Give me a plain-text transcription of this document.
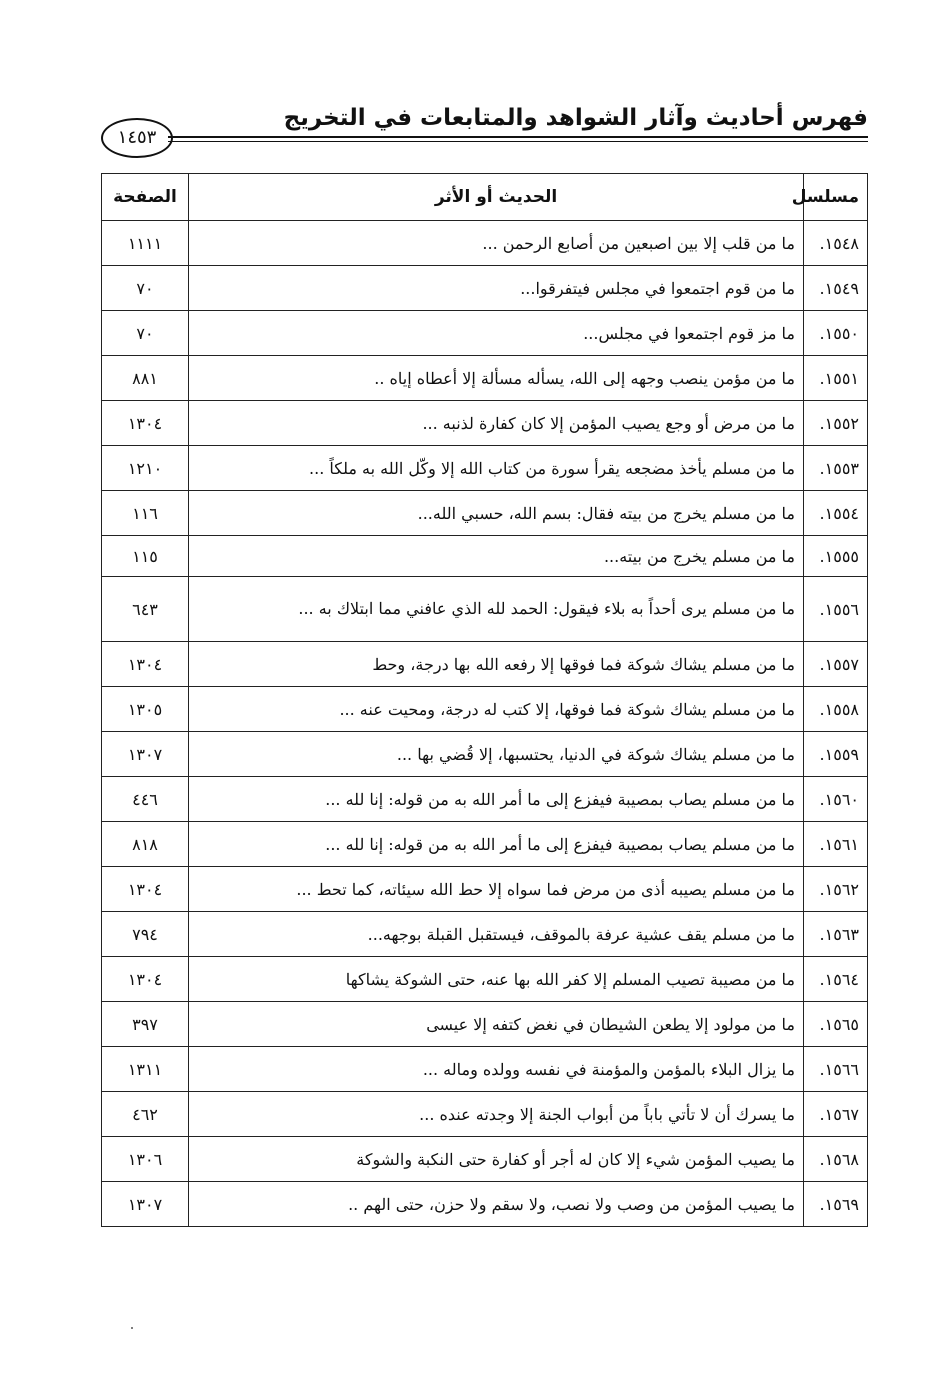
فهرس أحاديث وآثار الشواهد والمتابعات في التخريج
١٤٥٣
مسلسل	الحديث أو الأثر	الصفحة
١٥٤٨.	ما من قلب إلا بين اصبعين من أصابع الرحمن ...	١١١١
١٥٤٩.	ما من قوم اجتمعوا في مجلس فيتفرقوا...	٧٠
١٥٥٠.	ما مز قوم اجتمعوا في مجلس...	٧٠
١٥٥١.	ما من مؤمن ينصب وجهه إلى الله، يسأله مسألة إلا أعطاه إياه ..	٨٨١
١٥٥٢.	ما من مرض أو وجع يصيب المؤمن إلا كان كفارة لذنبه ...	١٣٠٤
١٥٥٣.	ما من مسلم يأخذ مضجعه يقرأ سورة من كتاب الله إلا وكّل الله به ملكاً ...	١٢١٠
١٥٥٤.	ما من مسلم يخرج من بيته فقال: بسم الله، حسبي الله...	١١٦
١٥٥٥.	ما من مسلم يخرج من بيته...	١١٥
١٥٥٦.	ما من مسلم يرى أحداً به بلاء فيقول: الحمد لله الذي عافني مما ابتلاك به ...	٦٤٣
١٥٥٧.	ما من مسلم يشاك شوكة فما فوقها إلا رفعه الله بها درجة، وحط	١٣٠٤
١٥٥٨.	ما من مسلم يشاك شوكة فما فوقها، إلا كتب له درجة، ومحيت عنه ...	١٣٠٥
١٥٥٩.	ما من مسلم يشاك شوكة في الدنيا، يحتسبها، إلا قُضي بها ...	١٣٠٧
١٥٦٠.	ما من مسلم يصاب بمصيبة فيفزع إلى ما أمر الله به من قوله: إنا لله ...	٤٤٦
١٥٦١.	ما من مسلم يصاب بمصيبة فيفزع إلى ما أمر الله به من قوله: إنا لله ...	٨١٨
١٥٦٢.	ما من مسلم يصيبه أذى من مرض فما سواه إلا حط الله سيئاته، كما تحط ...	١٣٠٤
١٥٦٣.	ما من مسلم يقف عشية عرفة بالموقف، فيستقبل القبلة بوجهه...	٧٩٤
١٥٦٤.	ما من مصيبة تصيب المسلم إلا كفر الله بها عنه، حتى الشوكة يشاكها	١٣٠٤
١٥٦٥.	ما من مولود إلا يطعن الشيطان في نغض كتفه إلا عيسى	٣٩٧
١٥٦٦.	ما يزال البلاء بالمؤمن والمؤمنة في نفسه وولده وماله ...	١٣١١
١٥٦٧.	ما يسرك أن لا تأتي باباً من أبواب الجنة إلا وجدته عنده ...	٤٦٢
١٥٦٨.	ما يصيب المؤمن شيء إلا كان له أجر أو كفارة حتى النكبة والشوكة	١٣٠٦
١٥٦٩.	ما يصيب المؤمن من وصب ولا نصب، ولا سقم ولا حزن، حتى الهم ..	١٣٠٧
